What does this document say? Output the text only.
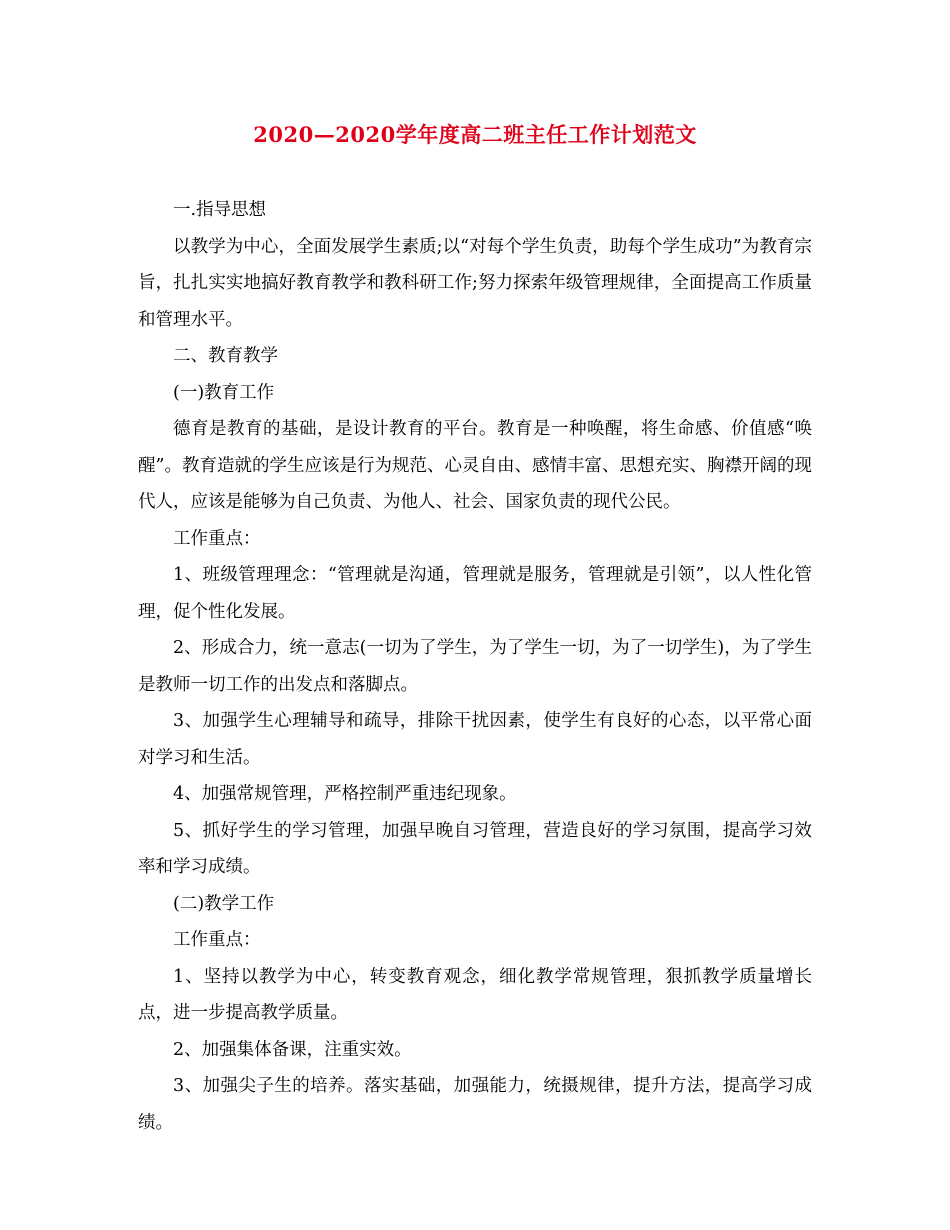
2020—2020学年度高二班主任工作计划范文

一.指导思想

以教学为中心，全面发展学生素质;以“对每个学生负责，助每个学生成功”为教育宗旨，扎扎实实地搞好教育教学和教科研工作;努力探索年级管理规律，全面提高工作质量和管理水平。

二、教育教学

(一)教育工作

德育是教育的基础，是设计教育的平台。教育是一种唤醒，将生命感、价值感“唤醒”。教育造就的学生应该是行为规范、心灵自由、感情丰富、思想充实、胸襟开阔的现代人，应该是能够为自己负责、为他人、社会、国家负责的现代公民。

工作重点：

1、班级管理理念：“管理就是沟通，管理就是服务，管理就是引领”，以人性化管理，促个性化发展。

2、形成合力，统一意志(一切为了学生，为了学生一切，为了一切学生)，为了学生是教师一切工作的出发点和落脚点。

3、加强学生心理辅导和疏导，排除干扰因素，使学生有良好的心态，以平常心面对学习和生活。

4、加强常规管理，严格控制严重违纪现象。

5、抓好学生的学习管理，加强早晚自习管理，营造良好的学习氛围，提高学习效率和学习成绩。

(二)教学工作

工作重点：

1、坚持以教学为中心，转变教育观念，细化教学常规管理，狠抓教学质量增长点，进一步提高教学质量。

2、加强集体备课，注重实效。

3、加强尖子生的培养。落实基础，加强能力，统摄规律，提升方法，提高学习成绩。
